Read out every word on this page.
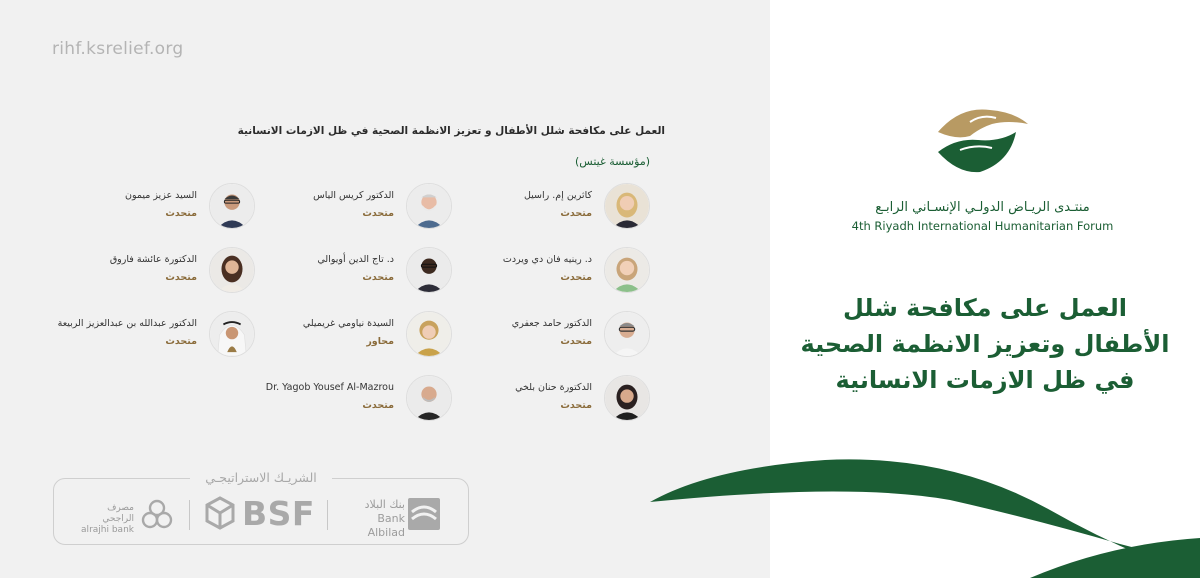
rihf.ksrelief.org
العمل على مكافحة شلل الأطفال و تعزيز الانظمة الصحية في ظل الازمات الانسانية
(مؤسسة غيتس)
كاثرين إم. راسيل
متحدث
د. رينيه فان دي ويردت
متحدث
الدكتور حامد جعفري
متحدث
الدكتورة حنان بلخي
متحدث
الدكتور كريس الياس
متحدث
د. تاج الدين أويوالي
متحدث
السيدة نياومي غريميلي
محاور
Dr. Yagob Yousef Al-Mazrou
متحدث
السيد عزيز ميمون
متحدث
الدكتورة عائشة فاروق
متحدث
الدكتور عبدالله بن عبدالعزيز الربيعة
متحدث
الشريـك الاستراتيجـي
مصرف الراجحي
alrajhi bank	BSF	بنك البلاد
Bank Albilad
منتـدى الريـاض الدولـي الإنسـاني الرابـع
4th Riyadh International Humanitarian Forum
العمل على مكافحة شلل
الأطفال وتعزيز الانظمة الصحية
في ظل الازمات الانسانية
